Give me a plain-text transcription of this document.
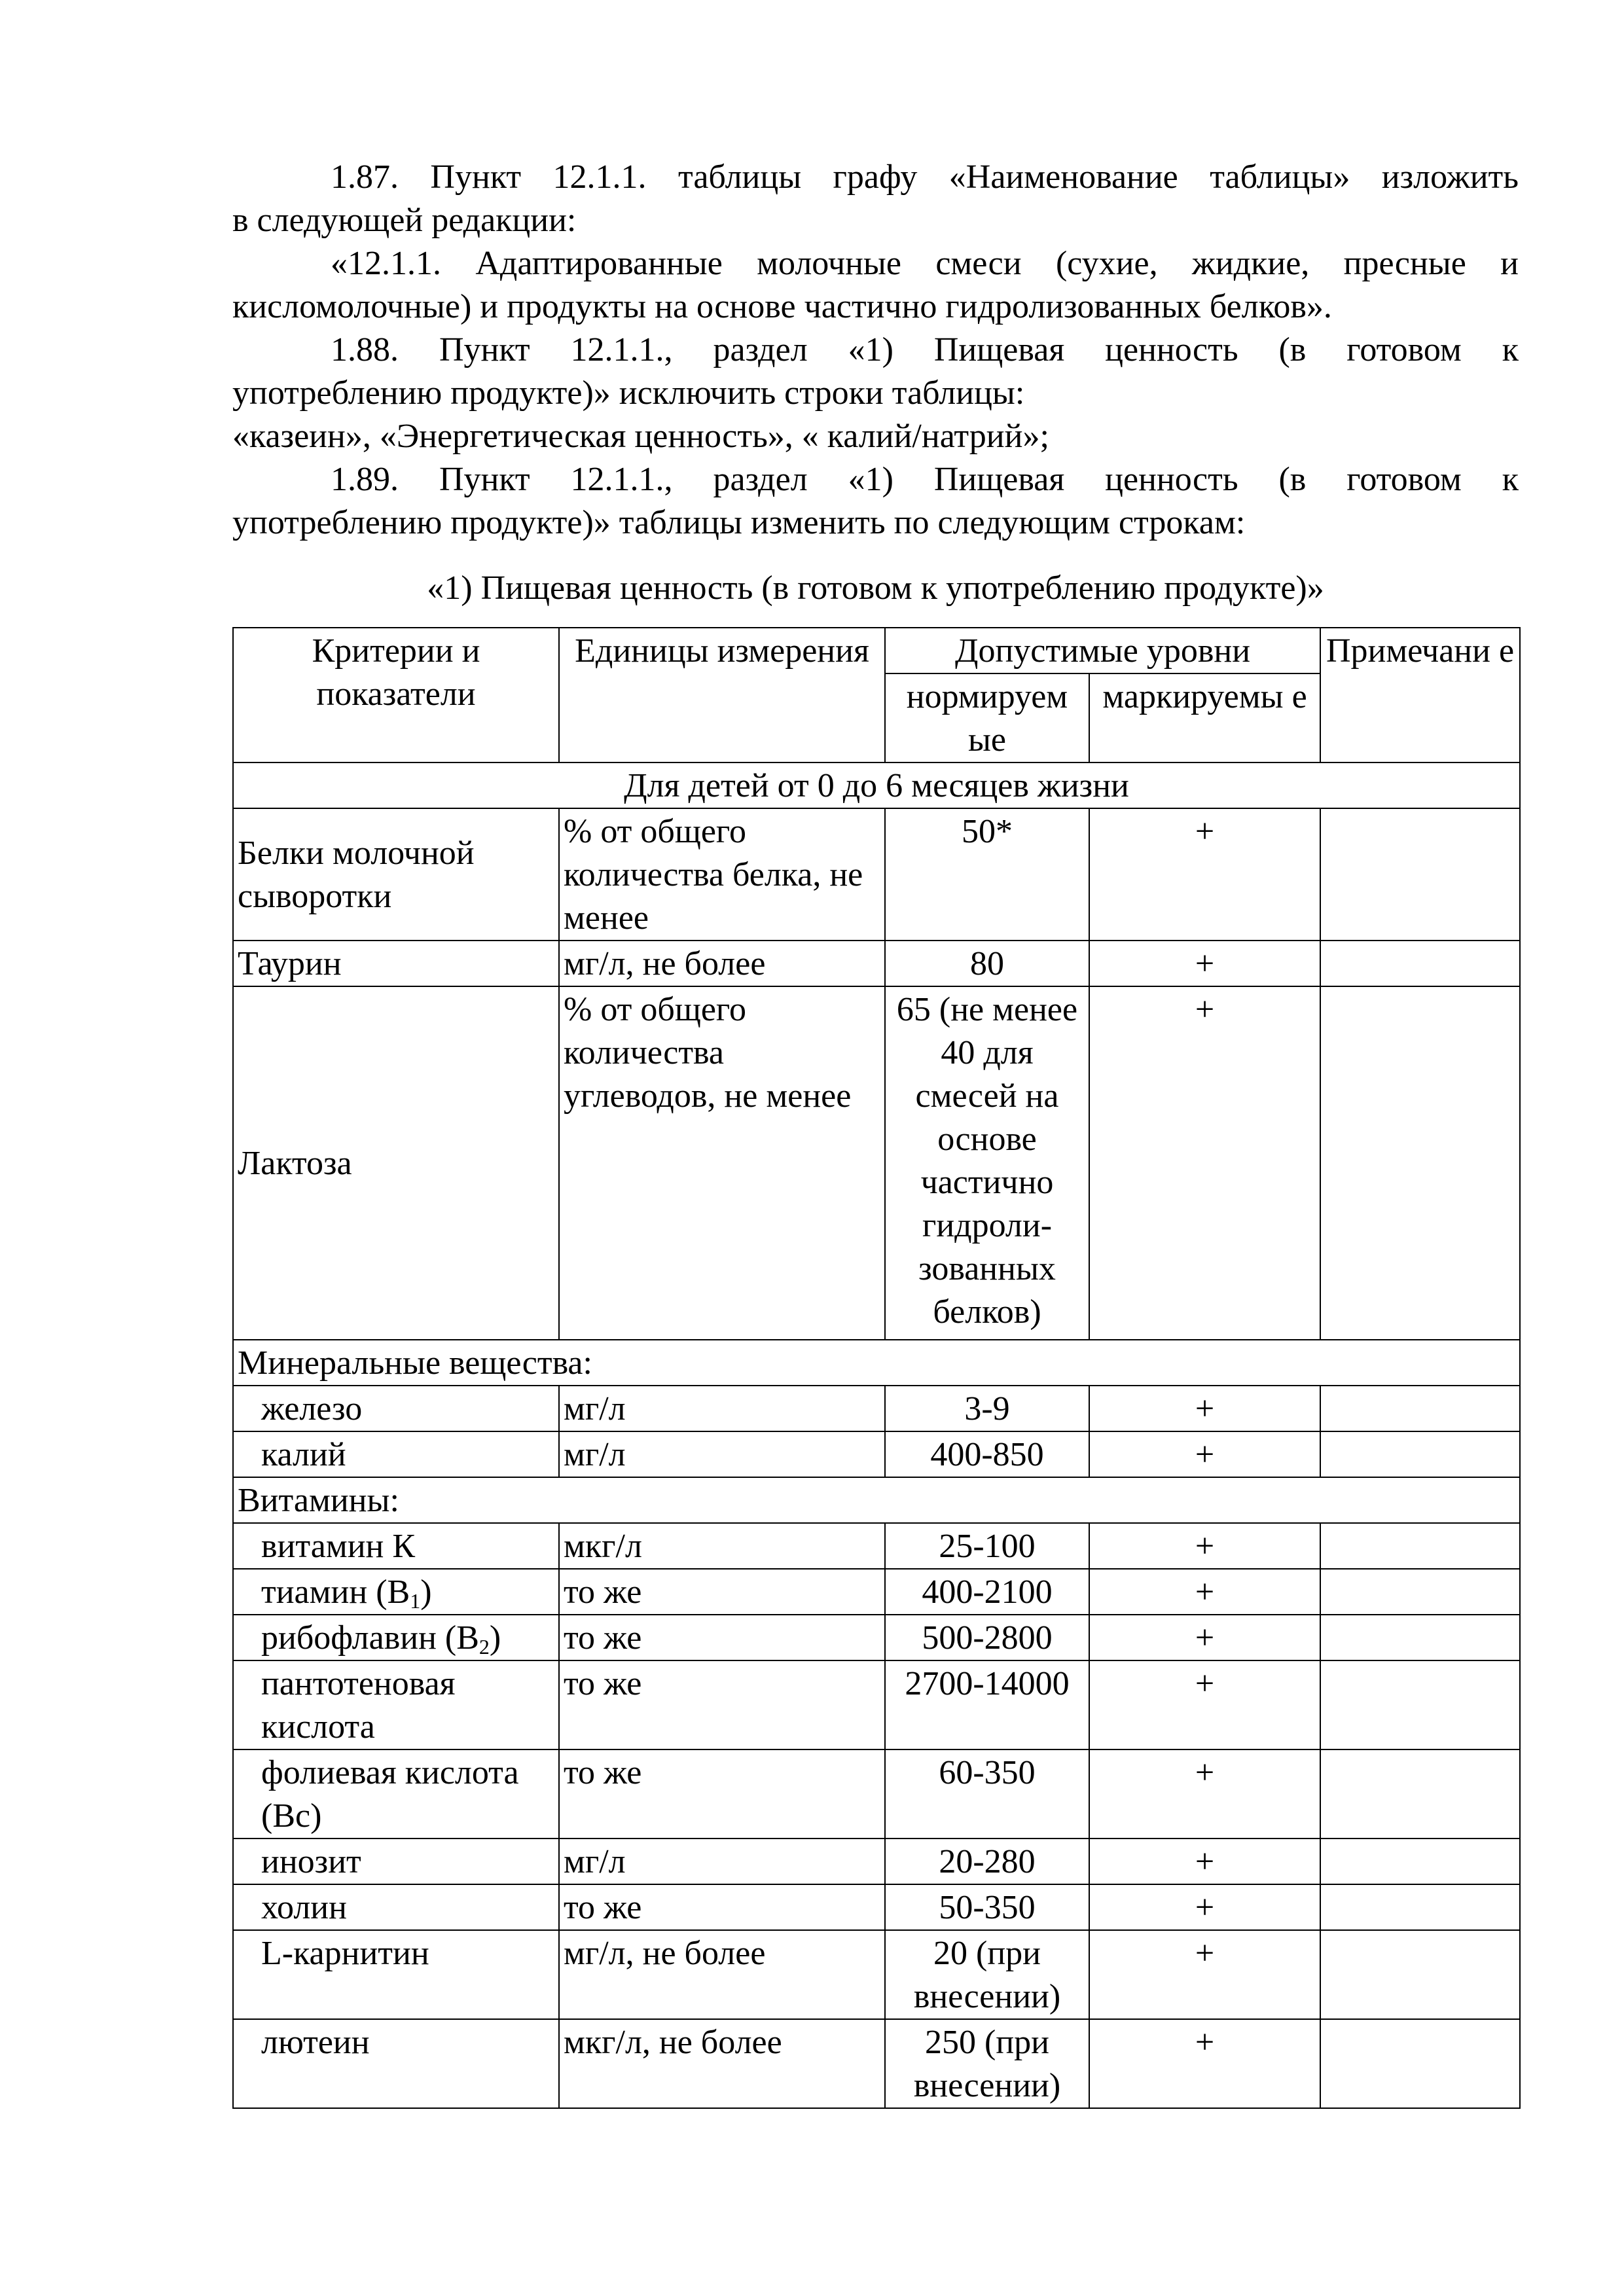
1.87. Пункт 12.1.1. таблицы графу «Наименование таблицы» изложить
в следующей редакции:
«12.1.1. Адаптированные молочные смеси (сухие, жидкие, пресные и
кисломолочные) и продукты на основе частично гидролизованных белков».
1.88. Пункт 12.1.1., раздел «1) Пищевая ценность (в готовом к
употреблению продукте)» исключить строки таблицы:
«казеин», «Энергетическая ценность», « калий/натрий»;
1.89. Пункт 12.1.1., раздел «1) Пищевая ценность (в готовом к
употреблению продукте)» таблицы изменить по следующим строкам:

«1) Пищевая ценность (в готовом к употреблению продукте)»

Критерии и показатели	Единицы измерения	Допустимые уровни		Примечани е
		нормируем ые	маркируемы е	
Для детей от 0 до 6 месяцев жизни				
Белки молочной сыворотки	% от общего количества белка, не менее	50*	+	
Таурин	мг/л, не более	80	+	
Лактоза	% от общего количества углеводов, не менее	65 (не менее 40 для смесей на основе частично гидроли-зованных белков)	+	
Минеральные вещества:				
железо	мг/л	3-9	+	
калий	мг/л	400-850	+	
Витамины:				
витамин К	мкг/л	25-100	+	
тиамин $(B_1)$	то же	400-2100	+	
рибофлавин $(B_2)$	то же	500-2800	+	

пантотеновая кислота	то же	2700-14000	+	

фолиевая кислота (Вс)	то же	60-350	+	
инозит	мг/л	20-280	+	
холин	то же	50-350	+	
L-карнитин	мг/л, не более	20 (при внесении)	+	
лютеин	мкг/л, не более	250 (при внесении)	+	
